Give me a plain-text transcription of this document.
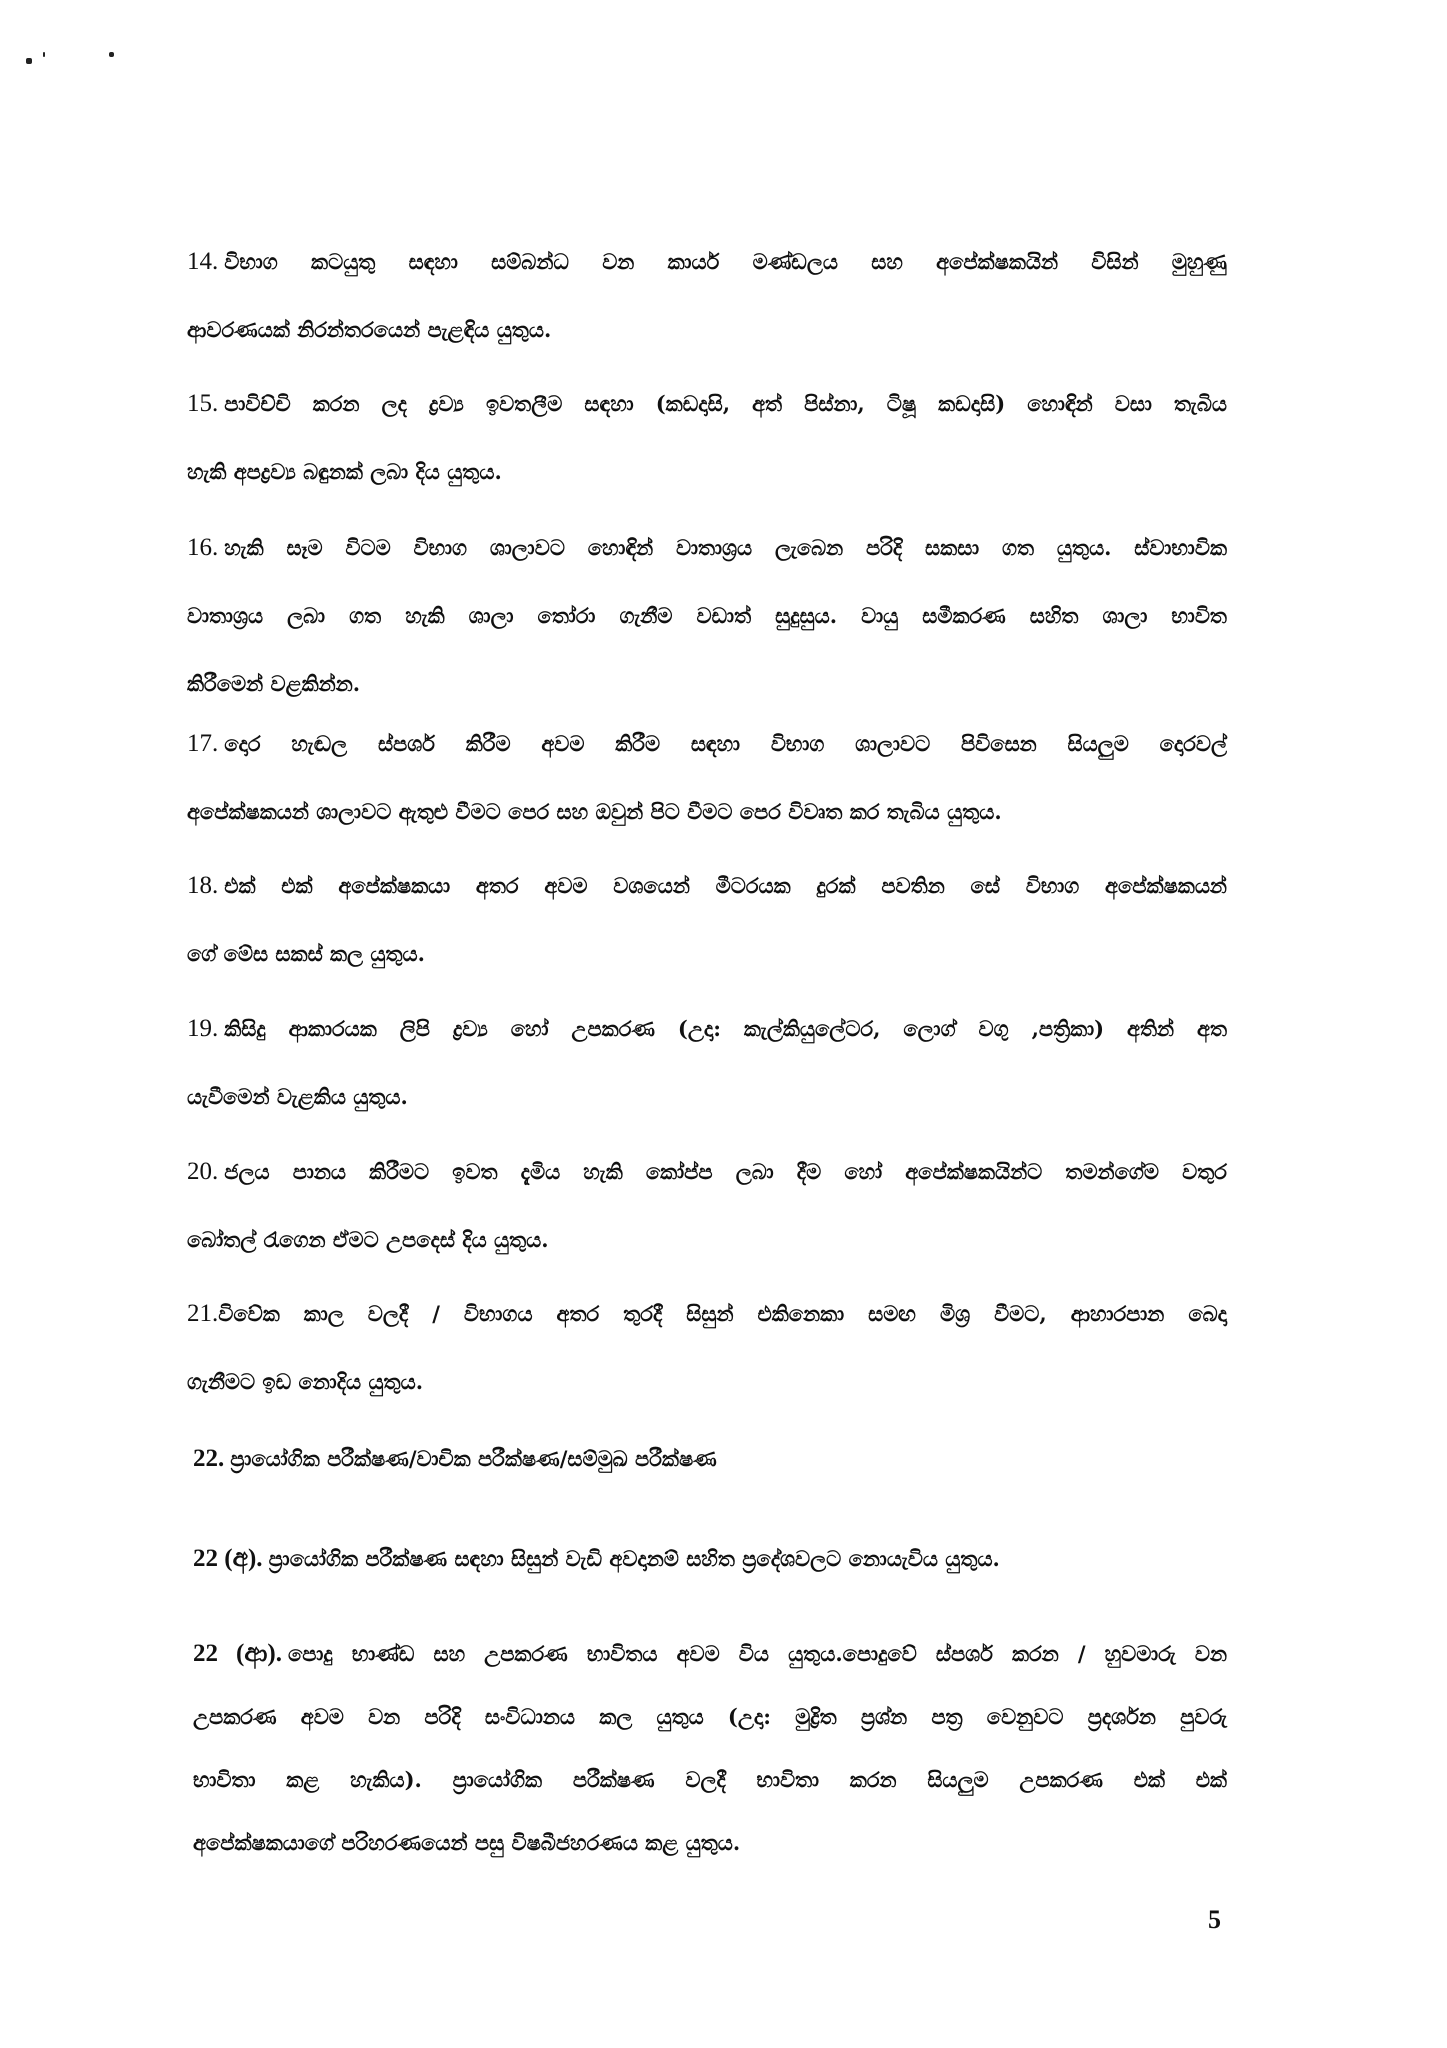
14. විභාග කටයුතු සඳහා සම්බන්ධ වන කාර්ය මණ්ඩලය සහ අපේක්ෂකයින් විසින් මුහුණු
ආවරණයක් නිරන්තරයෙන් පැළඳිය යුතුය.
15. පාවිච්චි කරන ලද ද්‍රව්‍ය ඉවතලීම සඳහා (කඩදාසි, අත් පිස්නා, ටිෂූ කඩදාසි) හොඳින් වසා තැබිය
හැකි අපද්‍රව්‍ය බඳුනක් ලබා දිය යුතුය.
16. හැකි සෑම විටම විභාග ශාලාවට හොඳින් වාතාශ්‍රය ලැබෙන පරිදි සකසා ගත යුතුය. ස්වාභාවික
වාතාශ්‍රය ලබා ගත හැකි ශාලා තෝරා ගැනීම වඩාත් සුදුසුය. වායු සමීකරණ සහිත ශාලා භාවිත
කිරීමෙන් වළකින්න.
17. දොර හැඬල ස්පර්ශ කිරීම අවම කිරීම සඳහා විභාග ශාලාවට පිවිසෙන සියලුම දොරවල්
අපේක්ෂකයන් ශාලාවට ඇතුළු වීමට පෙර සහ ඔවුන් පිට වීමට පෙර විවෘත කර තැබිය යුතුය.
18. එක් එක් අපේක්ෂකයා අතර අවම වශයෙන් මීටරයක දුරක් පවතින සේ විභාග අපේක්ෂකයන්
ගේ මේස සකස් කල යුතුය.
19. කිසිදු ආකාරයක ලිපි ද්‍රව්‍ය හෝ උපකරණ (උදා: කැල්කියුලේටර, ලොග් වගු ,පත්‍රිකා) අතින් අත
යැවීමෙන් වැළකිය යුතුය.
20. ජලය පානය කිරීමට ඉවත දැමිය හැකි කෝප්ප ලබා දීම හෝ අපේක්ෂකයින්ට තමන්ගේම වතුර
බෝතල් රැගෙන ඒමට උපදෙස් දිය යුතුය.
21.විවේක කාල වලදී / විභාගය අතර තුරදී සිසුන් එකිනෙකා සමඟ මිශ්‍ර වීමට, ආහාරපාන බෙදා
ගැනීමට ඉඩ නොදිය යුතුය.
22. ප්‍රායෝගික පරීක්ෂණ/වාචික පරීක්ෂණ/සම්මුඛ පරීක්ෂණ
22 (අ). ප්‍රායෝගික පරීක්ෂණ සඳහා සිසුන් වැඩි අවදානම් සහිත ප්‍රදේශවලට නොයැවිය යුතුය.
22 (ආ). පොදු භාණ්ඩ සහ උපකරණ භාවිතය අවම විය යුතුය.පොදුවේ ස්පර්ශ කරන / හුවමාරු වන
උපකරණ අවම වන පරිදි සංවිධානය කල යුතුය (උදා: මුද්‍රිත ප්‍රශ්න පත්‍ර වෙනුවට ප්‍රදර්ශන පුවරු
භාවිතා කළ හැකිය). ප්‍රායෝගික පරීක්ෂණ වලදී භාවිතා කරන සියලුම උපකරණ එක් එක්
අපේක්ෂකයාගේ පරිහරණයෙන් පසු විෂබීජහරණය කළ යුතුය.
5
